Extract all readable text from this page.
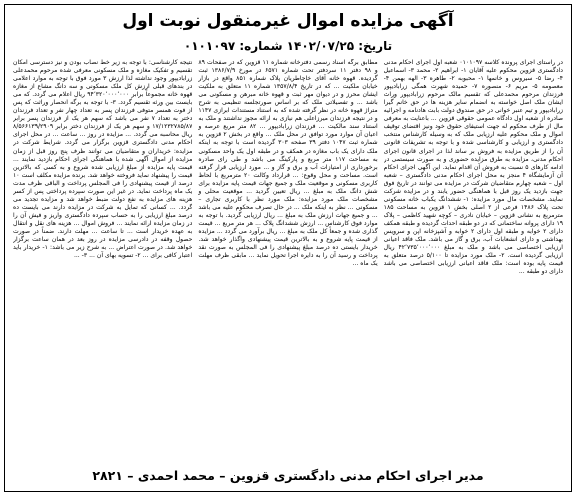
آگهی مزایده اموال غیرمنقول نوبت اول
تاریخ: ۱۴۰۲/۰۷/۲۵ شماره: ۰۱۰۱۰۹۷

در راستای اجرای پرونده کلاسه ۰۱۰۱۰۹۷ شعبه اول اجرای احکام مدنی دادگستری قزوین محکوم علیه آقایان ۱- ابراهیم ۲- محمد ۳- اسماعیل ۴- رضا ۵- سیروس و خانمها ۱- محبوبه ۲- طاهره ۳- الهه بهمن ۴- معصومه ۵- مریم ۶- منصوره ۷- حمیده شهرت همگی زرابادیپور فرزندان مرحوم محمدعلی که تقسیم مالک مرحوم زرابادیپور وراث ایشان ملک اصل خواسته به انضمام سایر هزینه ها در حق خانم گیرا زرابادیپور و تیم عنبر خوانی در حق صندوق دولت بابت هادنامه و اجرائیه صادره از شعبه اول دادگاه عمومی حقوقی قزوین ... باعنایت به معرفی مال از طرف محکوم له جهت استیفای حقوق خود ونیز اقتضای توقیف اموال و ملک محکوم علیه ارزیابی ملک که به وسیله کارشناس منتخب دادگستری و ارزیابی و کارشناسی شده و با توجه به تشریفات قانونی آن را از طریق مزایده به فروش بر ساند لذا در اجرای قانون اجرای احکام مدنی، مزایده به طرق مزایده حضوری و به صورت سیستمی در ادامه کارهای ۵ نسبت به فروش آن اقدام نماید. این آگهی اجرای احکام آن آزمایشگاه ۴ منجز به محل اجرای احکام مدنی دادگستری – شعبه اول – شعبه چهارم متقاضیان شرکت در مزایده می توانند در تاریخ فوق جهت بازدید یک روز قبل با هماهنگی حضور یابند و در مزایده شرکت نمایند. مشخصات مال مورد مزایده: ۱- ششدانگ یکباب خانه مسکونی تحت پلاک ۱۴۸۶ فرعی از ۲ اصلی بخش ۱ قزوین به مساحت ۱۸۵ مترمربع به نشانی قزوین – خیابان نادری – کوچه شهید کاظمی – پلاک ۱۹ دارای پروانه ساختمانی که در دو طبقه احداث گردیده و طبقه همکف دارای ۲ خوابه و طبقه اول دارای ۲ خوابه و آشپزخانه اپن و سرویس بهداشتی و دارای انشعابات آب، برق و گاز می باشد. ملک فاقد اعیانی ارزیابی اختصاصی می باشد و ملک به مبلغ ۴۲٬۷۳۵٬۰۰۰٬۰۰۰ ریال ارزیابی گردیده است. ۲- ملک مورد مزایده تا ۵/۱۰۰ درصد متعلق به قیمت پایه بوده است: ملک فاقد اعیانی ارزیابی اختصاصی می باشد دارای دو طبقه ...

مطابق برگه اسناد رسمی دفترخانه شماره ۱۱ قزوین که در صفحات ۸۹ و ۹۸ دفتر ۱۱ سردفتر تحت شماره ۶۵۷۱ در مورخ ۱۳۸۶/۷/۹ ثبت گردیده. قهوه خانه آقای خاچاطریان پلاک شماره ۸۵۱ واقع در بازار خیابان ملکیت ... که در تاریخ ۱۳۵۷/۸/۴ شماره ۱۱ متعلق به ملکیت ایشان محرز و در دیوان مهر ثبت و قهوه خانه مبرهن و مسکونی می باشد ... و تفصیلاتی ملک که بر اساس صورتجلسه تنظیمی به شرح متراژ قهوه خانه در نظر گرفته شده که به استناد مستندات ابرازی ۱۱۴۷ و در نتیجه فرزندان میرزاعلی هم نیازی به ارائه مجوز نداشتند و ملک به استناد سند مالکیت ... فرزندان زرابادیپور ... ۸۲ متر مربع عرصه و اعیان آن موارد مورد توافق در محل ملک ... واقع در بخش ۲ قزوین به شماره ثبت ۱۰۴۷ دفتر ۳۹ صفحه ۳۰۳ گردیده است با توجه به اینکه ملک دارای یک باب مغازه در همکف و در طبقه اول یک واحد مسکونی به مساحت ۱۱۷ متر مربع و پارکینگ می باشد و طی رای صادره برخورداری از امتیازات آب و برق و گاز و ... مورد ارزیابی قرار گرفته است. مساحت و محل وقوع: ... قرارداد وکالت ۲۰ مترمربع با لحاظ کاربری مسکونی و موقعیت ملک و جمیع جهات قیمت پایه مزایده برای شش دانگ ملک به مبلغ ... ریال تعیین گردید ... موقعیت محلی و مشخصات ملک مورد مزایده: ملک مورد نظر با کاربری تجاری – مسکونی ... نظر به اینکه ملک ... در حال تصرف محکوم علیه می باشد ... و جمیع جهات ارزش ملک به مبلغ ... ریال ارزیابی گردید. با توجه به موارد فوق کارشناس ... ارزش ششدانگ پلاک ... هر متر مربع ... قیمت گذاری شده و جمعاً کل ملک به مبلغ ... ریال برآورد می گردد ... مزایده از قیمت پایه شروع و به بالاترین قیمت پیشنهادی واگذار خواهد شد. خریدار بایستی ده درصد مبلغ پیشنهادی را فی المجلس به صورت نقد پرداخت و رسید آن را به دایره اجرا تحویل نماید ... مابقی ظرف مهلت یک ماه ...

نتیجه کارشناسی: با توجه به زیر خط نصاب بودن و نیز دسترسی امکان تقسیم و تفکیک مغازه و ملک مسکونی معرفی شده مرحوم محمدعلی زرابادیپور وجود نداشته لذا ارزش ۳ مورد فوق با توجه به موارد اعلامی در بندهای قبلی ارزش کل ملک مسکونی و سه دانگ مشاع از مغازه قهوه خانه مجموعاً برابر ۹۴٬۳۲۰٬۰۰۰٬۰۰۰ ریال اعلام می گردد. که می بایست بین ورثه تقسیم گردد. ۳- با توجه به برگه انحصار وراثت که پس از فوت همسر متوفی فرزندان پسر به تعداد چهار نفر و تعداد فرزندان دختر به تعداد ۷ نفر می باشد که سهم هر یک از فرزندان پسر برابر ۱۷/۱۲۳۲۷۸۵/۸۷ و سهم هر یک از فرزندان دختر برابر ۸/۵۶۶۱۳۹/۲۹۰۹ ریال محاسبه می گردد. ... مزایده در روز ... ساعت ... در محل اجرای احکام مدنی دادگستری قزوین برگزار می گردد. شرایط شرکت در مزایده: خریداران و متقاضیان می توانند ظرف پنج روز قبل از زمان مزایده از اموال آگهی شده با هماهنگی اجرای احکام بازدید نمایند ... قیمت پایه مزایده از مبلغ ارزیابی شده شروع و به کسی که بالاترین قیمت را پیشنهاد نماید فروخته خواهد شد. برنده مزایده مکلف است ۱۰ درصد از قیمت پیشنهادی را فی المجلس پرداخت و الباقی ظرف مدت یک ماه پرداخت نماید. در غیر این صورت سپرده پرداختی پس از کسر هزینه های مزایده به نفع دولت ضبط خواهد شد و مزایده تجدید می گردد. ... کسانی که تمایل به شرکت در مزایده دارند می بایست ده درصد مبلغ ارزیابی را به حساب سپرده دادگستری واریز و فیش آن را در زمان مزایده ارائه نمایند ... فروش اموال ... هزینه های نقل و انتقال به عهده خریدار است ... تا ساعت ... مهلت دارند. ضمناً در صورت حصول وقفه در دادرسی مزایده در روز بعد در همان ساعت برگزار خواهد شد. در صورت اعتراض ... به شرح زیر می باشد: ۱- خریدار باید اعتبار کافی برای ... ۲- تسویه بهای آن ... ۳- ...

مدیر اجرای احکام مدنی دادگستری قزوین – محمد احمدی – ۲۸۲۱
